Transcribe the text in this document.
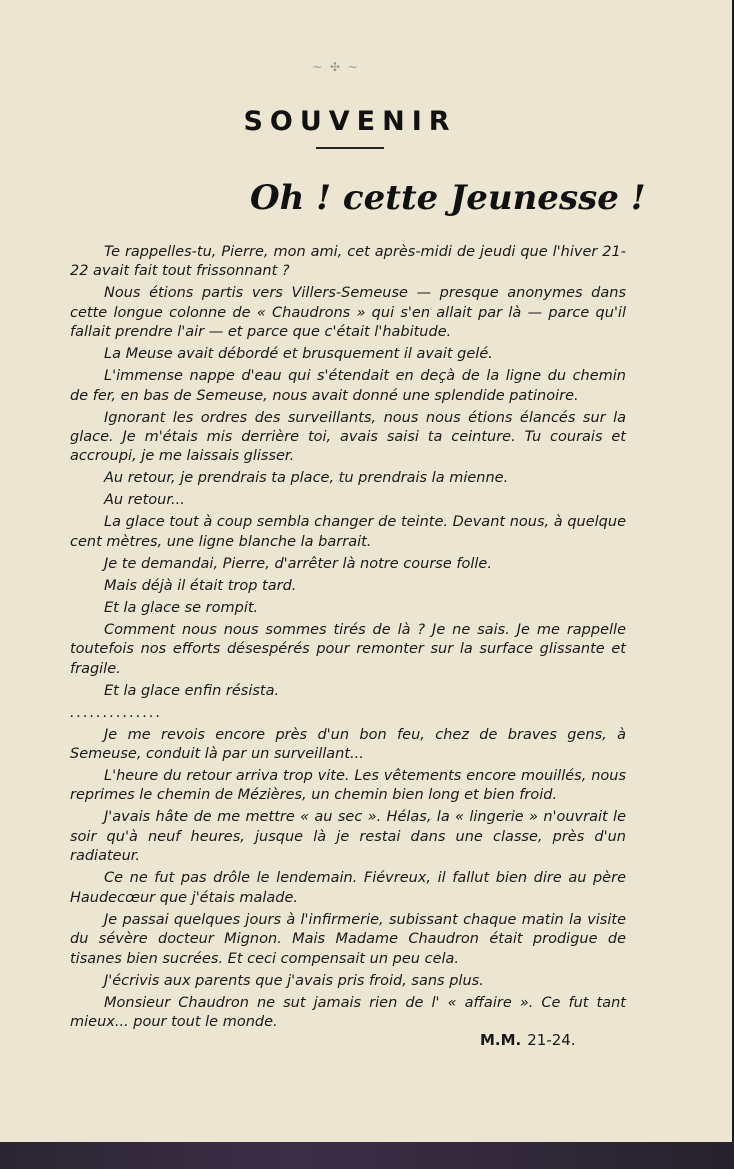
~ ✣ ~
SOUVENIR
Oh ! cette Jeunesse !

Te rappelles-tu, Pierre, mon ami, cet après-midi de jeudi que l'hiver 21-22 avait fait tout frissonnant ?

Nous étions partis vers Villers-Semeuse — presque anonymes dans cette longue colonne de « Chaudrons » qui s'en allait par là — parce qu'il fallait prendre l'air — et parce que c'était l'habitude.

La Meuse avait débordé et brusquement il avait gelé.

L'immense nappe d'eau qui s'étendait en deçà de la ligne du chemin de fer, en bas de Semeuse, nous avait donné une splendide patinoire.

Ignorant les ordres des surveillants, nous nous étions élancés sur la glace. Je m'étais mis derrière toi, avais saisi ta ceinture. Tu courais et accroupi, je me laissais glisser.

Au retour, je prendrais ta place, tu prendrais la mienne.

Au retour...

La glace tout à coup sembla changer de teinte. Devant nous, à quelque cent mètres, une ligne blanche la barrait.

Je te demandai, Pierre, d'arrêter là notre course folle.

Mais déjà il était trop tard.

Et la glace se rompit.

Comment nous nous sommes tirés de là ? Je ne sais. Je me rappelle toutefois nos efforts désespérés pour remonter sur la surface glissante et fragile.

Et la glace enfin résista.

..............

Je me revois encore près d'un bon feu, chez de braves gens, à Semeuse, conduit là par un surveillant...

L'heure du retour arriva trop vite. Les vêtements encore mouillés, nous reprimes le chemin de Mézières, un chemin bien long et bien froid.

J'avais hâte de me mettre « au sec ». Hélas, la « lingerie » n'ouvrait le soir qu'à neuf heures, jusque là je restai dans une classe, près d'un radiateur.

Ce ne fut pas drôle le lendemain. Fiévreux, il fallut bien dire au père Haudecœur que j'étais malade.

Je passai quelques jours à l'infirmerie, subissant chaque matin la visite du sévère docteur Mignon. Mais Madame Chaudron était prodigue de tisanes bien sucrées. Et ceci compensait un peu cela.

J'écrivis aux parents que j'avais pris froid, sans plus.

Monsieur Chaudron ne sut jamais rien de l' « affaire ». Ce fut tant mieux... pour tout le monde.

M.M. 21-24.
